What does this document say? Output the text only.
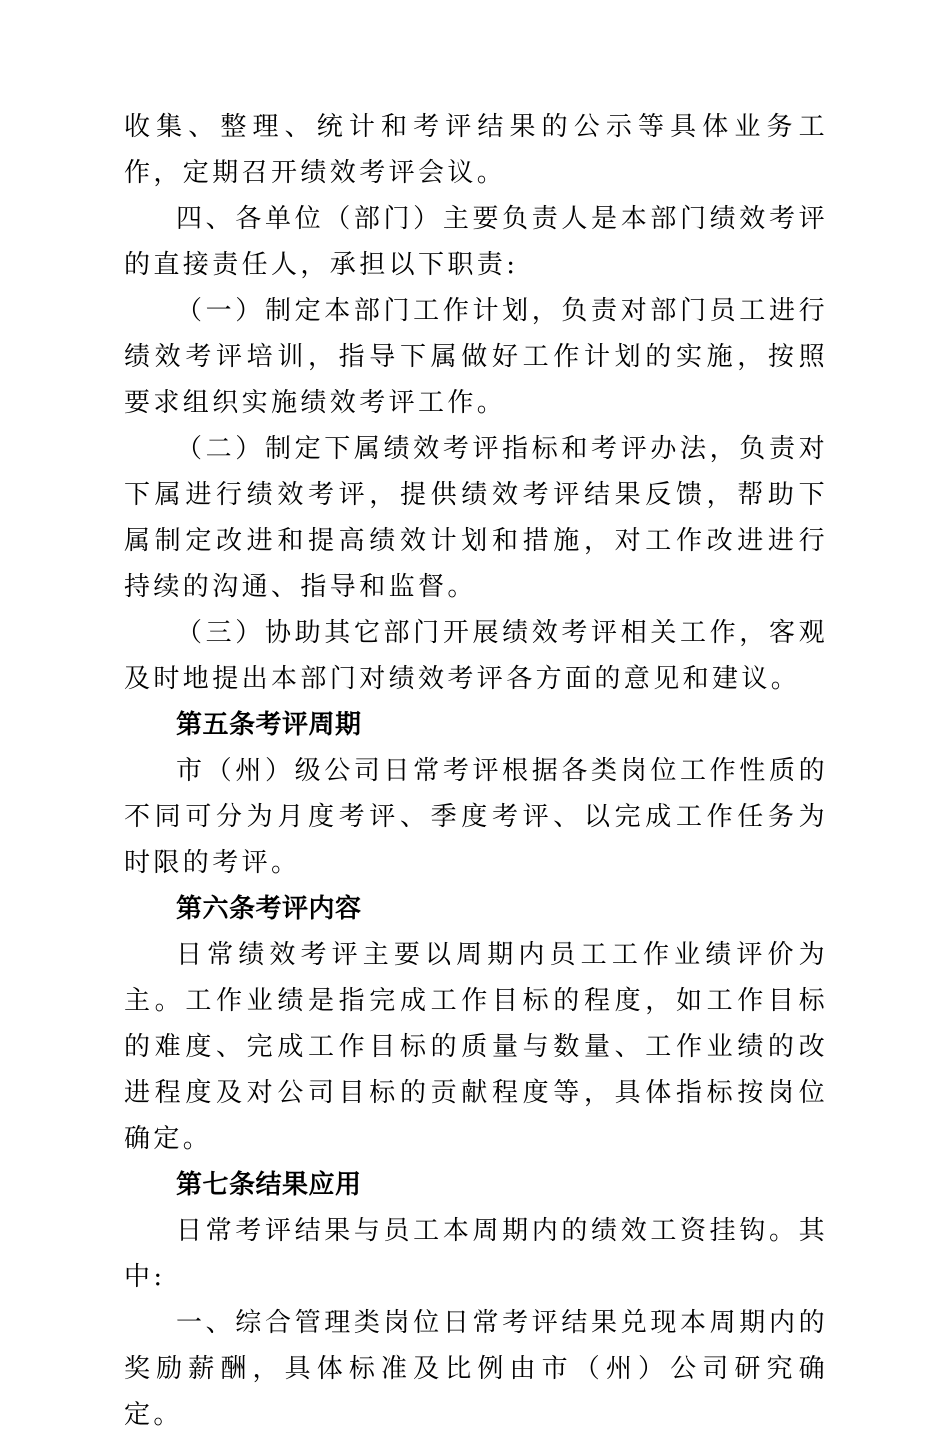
收集、整理、统计和考评结果的公示等具体业务工作，定期召开绩效考评会议。

四、各单位（部门）主要负责人是本部门绩效考评的直接责任人，承担以下职责:

（一）制定本部门工作计划，负责对部门员工进行绩效考评培训，指导下属做好工作计划的实施，按照要求组织实施绩效考评工作。

（二）制定下属绩效考评指标和考评办法，负责对下属进行绩效考评，提供绩效考评结果反馈，帮助下属制定改进和提高绩效计划和措施，对工作改进进行持续的沟通、指导和监督。

（三）协助其它部门开展绩效考评相关工作，客观及时地提出本部门对绩效考评各方面的意见和建议。

第五条考评周期

市（州）级公司日常考评根据各类岗位工作性质的不同可分为月度考评、季度考评、以完成工作任务为时限的考评。

第六条考评内容

日常绩效考评主要以周期内员工工作业绩评价为主。工作业绩是指完成工作目标的程度，如工作目标的难度、完成工作目标的质量与数量、工作业绩的改进程度及对公司目标的贡献程度等，具体指标按岗位确定。

第七条结果应用

日常考评结果与员工本周期内的绩效工资挂钩。其中:

一、综合管理类岗位日常考评结果兑现本周期内的奖励薪酬，具体标准及比例由市（州）公司研究确定。
